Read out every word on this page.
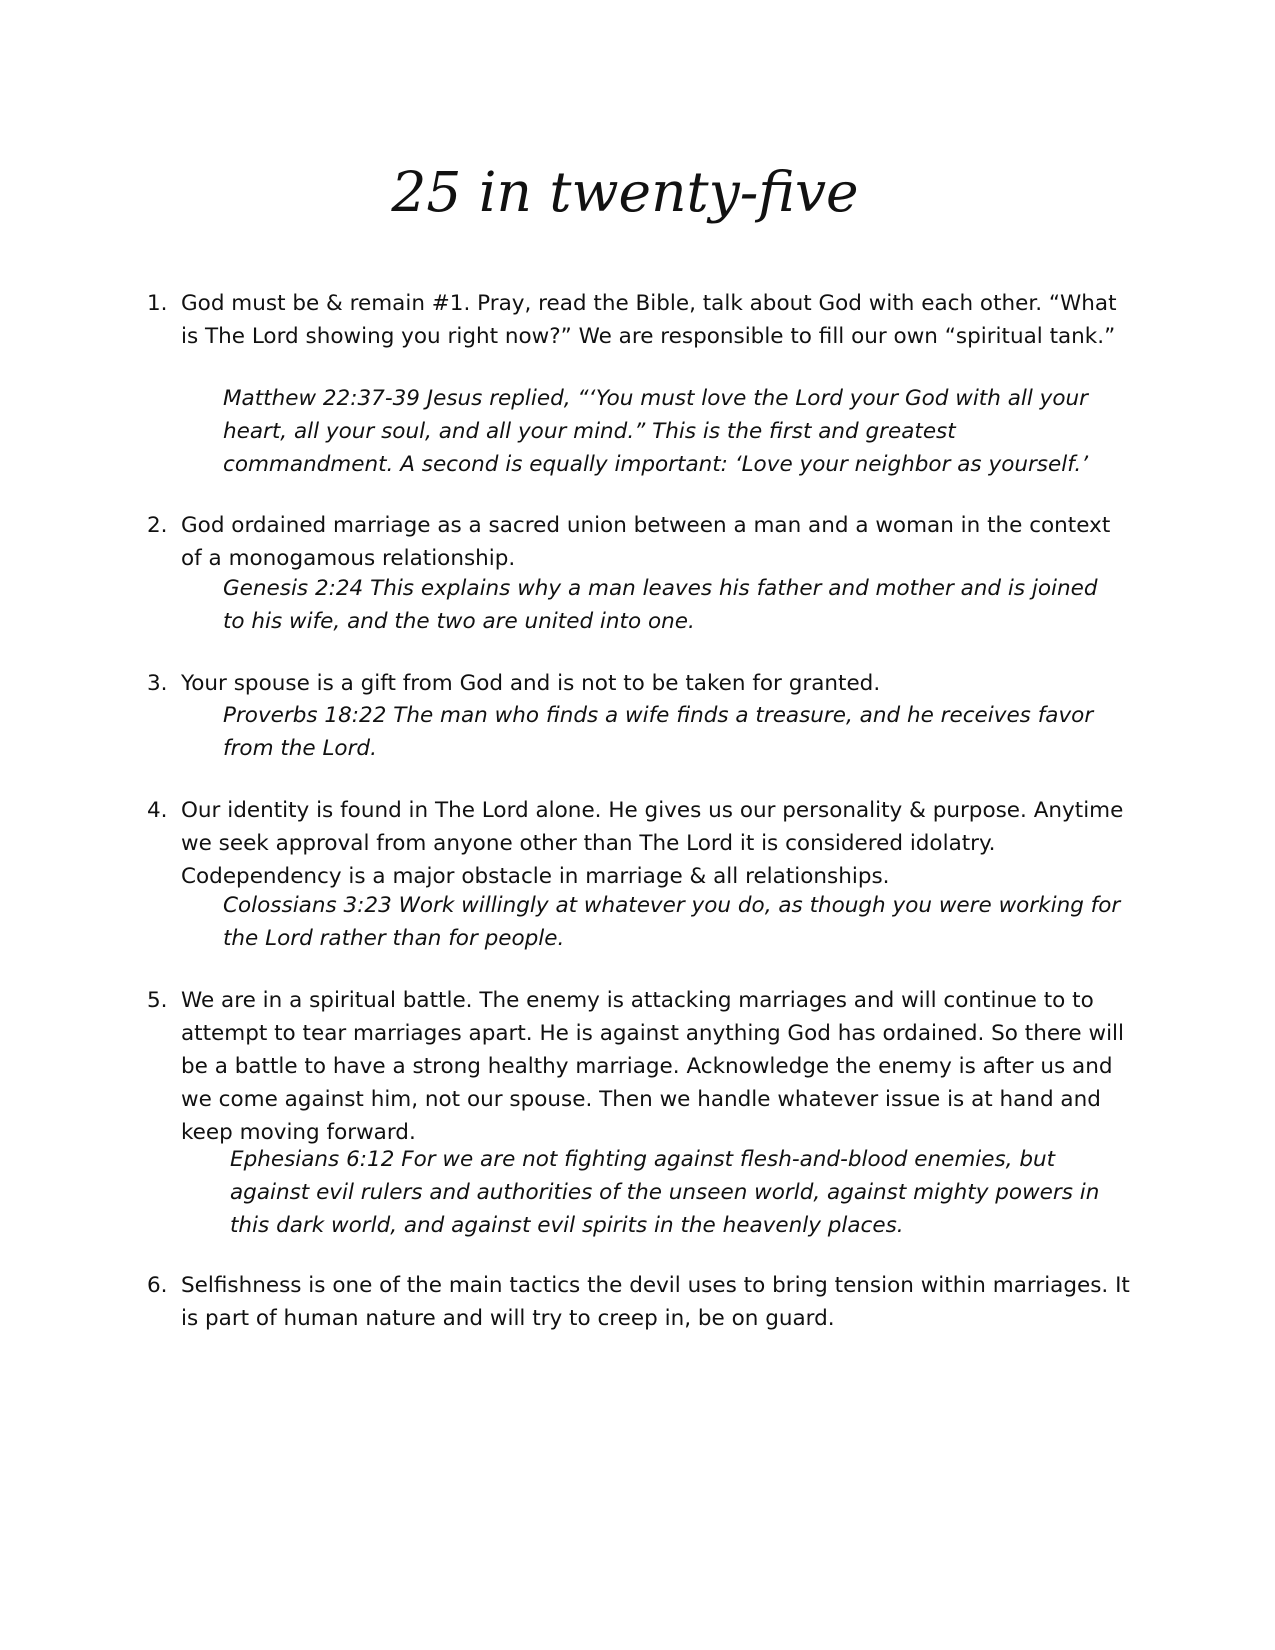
25 in twenty-five
1. God must be & remain #1. Pray, read the Bible, talk about God with each other. “What is The Lord showing you right now?” We are responsible to fill our own “spiritual tank.”
Matthew 22:37-39 Jesus replied, “‘You must love the Lord your God with all your heart, all your soul, and all your mind.” This is the first and greatest commandment. A second is equally important: ‘Love your neighbor as yourself.’
2. God ordained marriage as a sacred union between a man and a woman in the context of a monogamous relationship.
Genesis 2:24 This explains why a man leaves his father and mother and is joined to his wife, and the two are united into one.
3. Your spouse is a gift from God and is not to be taken for granted.
Proverbs 18:22 The man who finds a wife finds a treasure, and he receives favor from the Lord.
4. Our identity is found in The Lord alone. He gives us our personality & purpose. Anytime we seek approval from anyone other than The Lord it is considered idolatry. Codependency is a major obstacle in marriage & all relationships.
Colossians 3:23 Work willingly at whatever you do, as though you were working for the Lord rather than for people.
5. We are in a spiritual battle. The enemy is attacking marriages and will continue to to attempt to tear marriages apart. He is against anything God has ordained. So there will be a battle to have a strong healthy marriage. Acknowledge the enemy is after us and we come against him, not our spouse. Then we handle whatever issue is at hand and keep moving forward.
Ephesians 6:12 For we are not fighting against flesh-and-blood enemies, but against evil rulers and authorities of the unseen world, against mighty powers in this dark world, and against evil spirits in the heavenly places.
6. Selfishness is one of the main tactics the devil uses to bring tension within marriages. It is part of human nature and will try to creep in, be on guard.
